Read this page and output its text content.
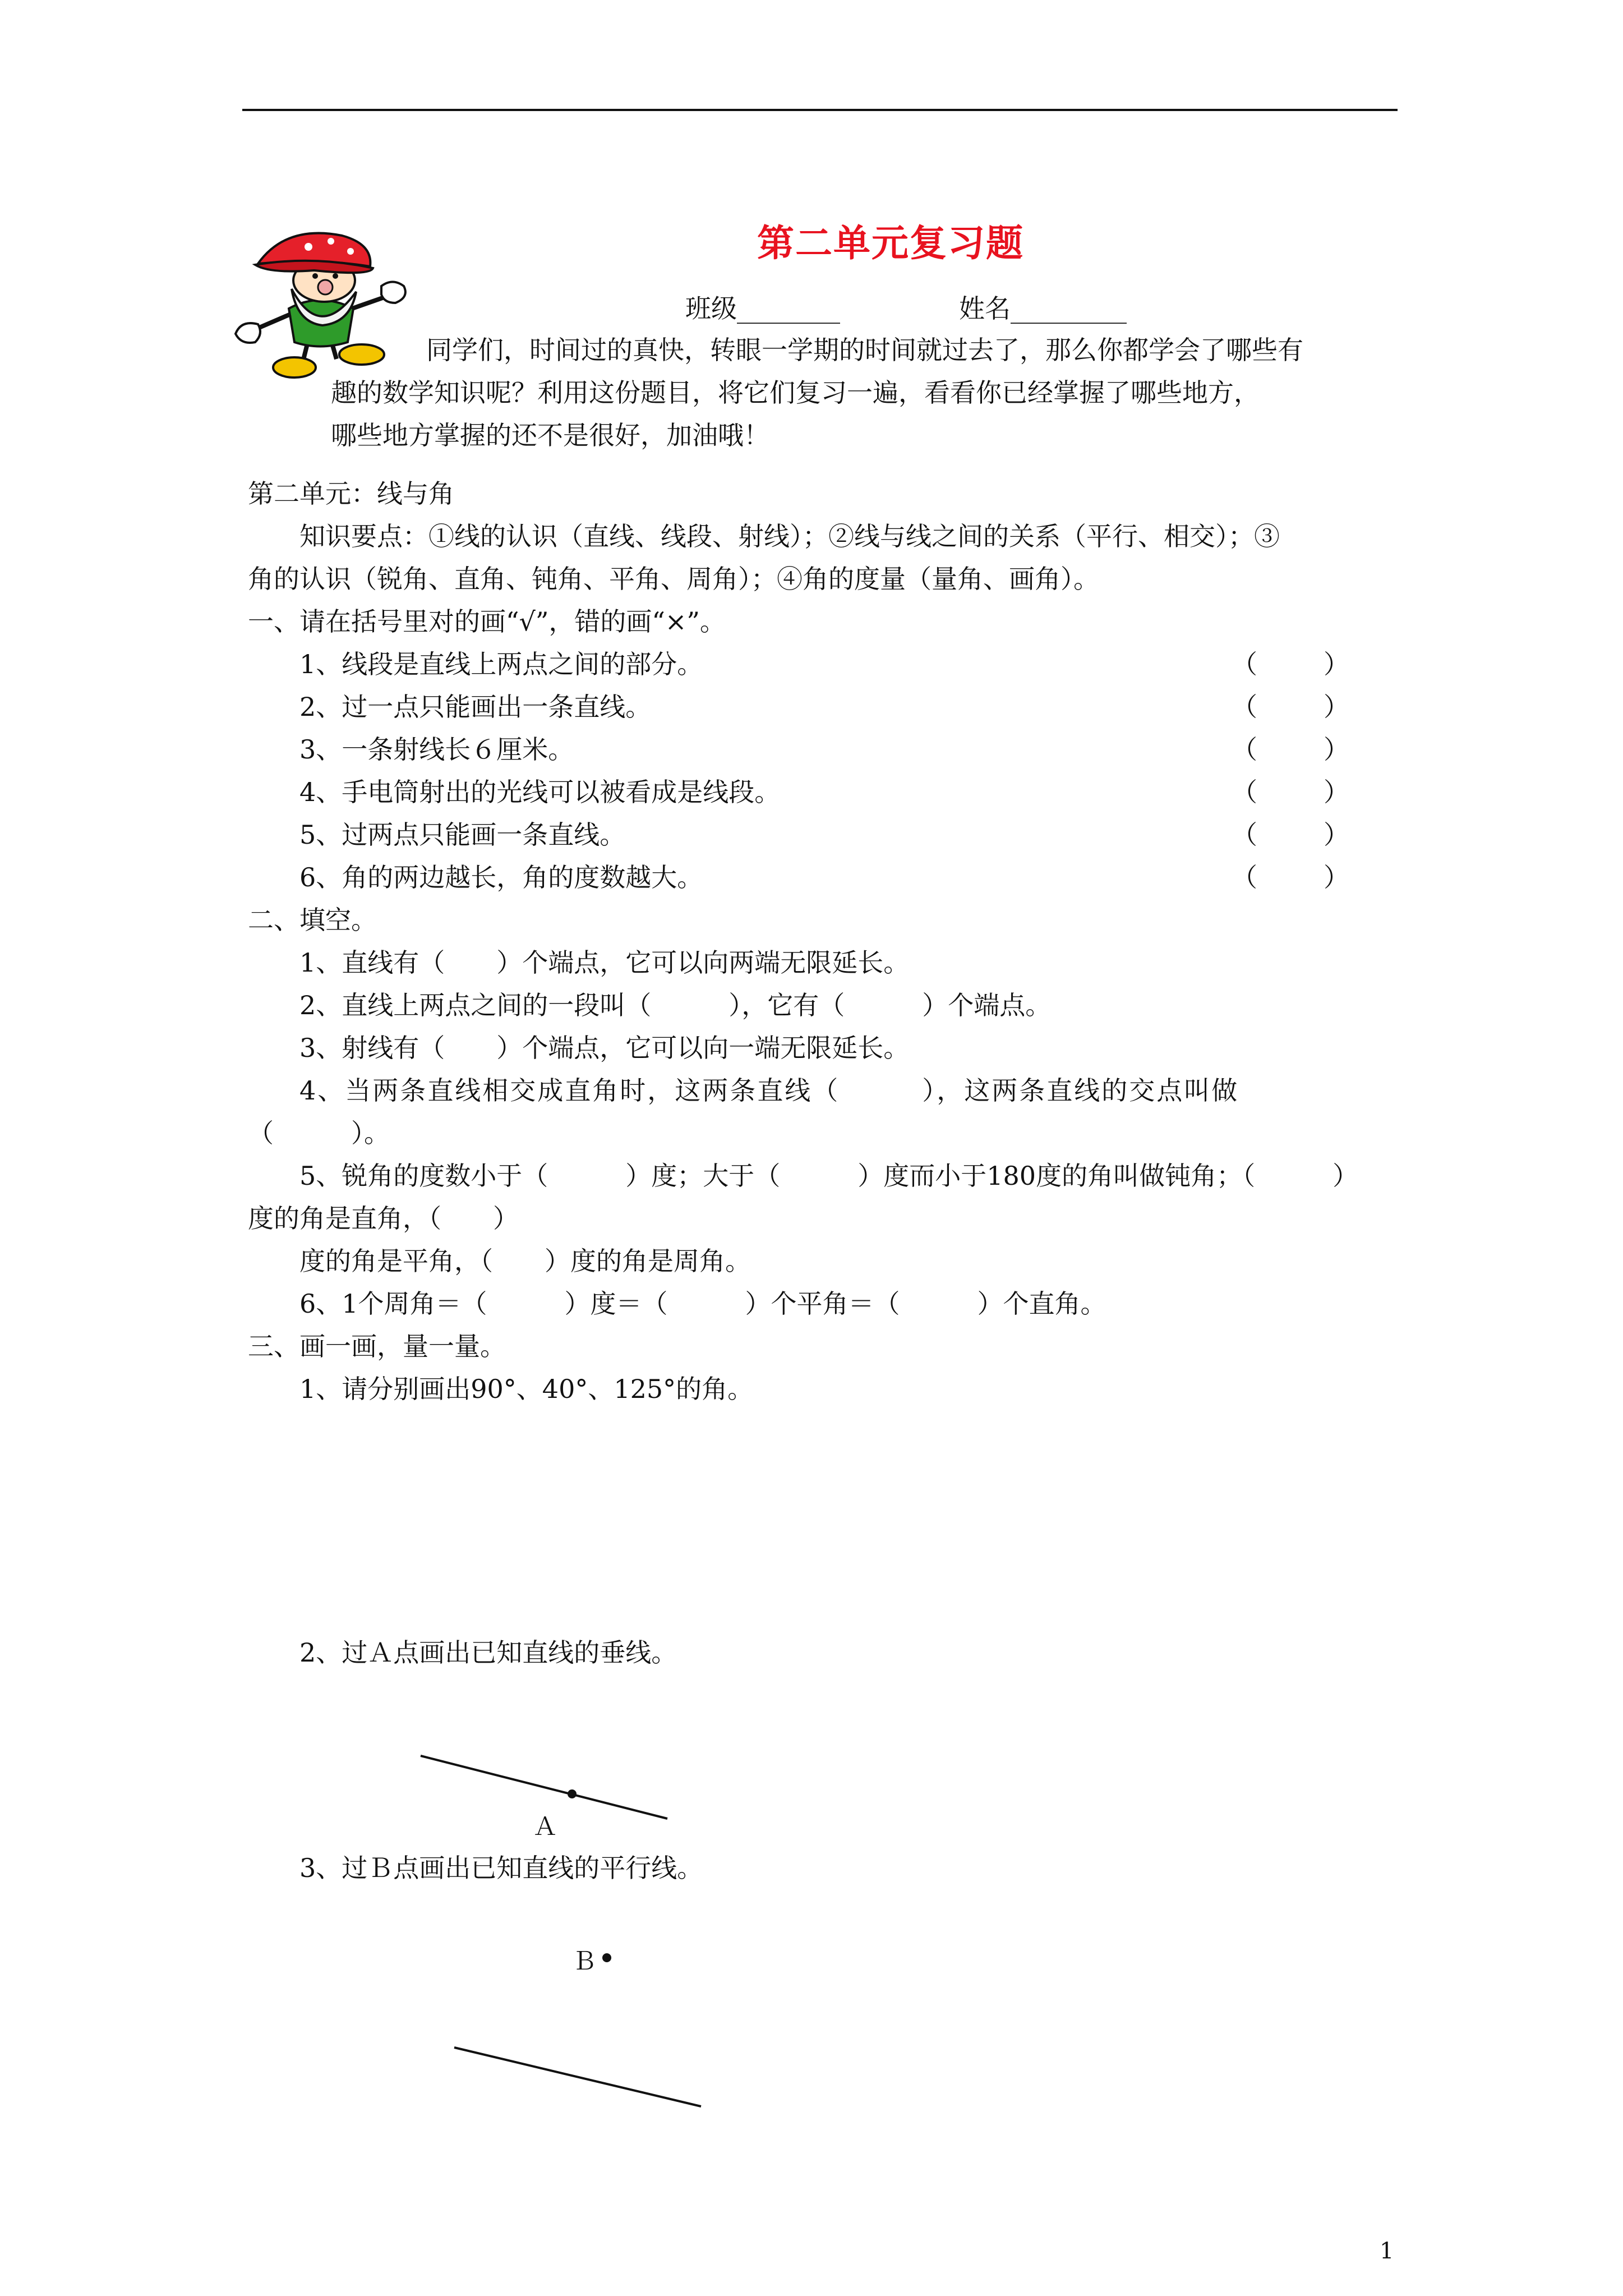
第二单元复习题
班级________	姓名_________
同学们，时间过的真快，转眼一学期的时间就过去了，那么你都学会了哪些有
趣的数学知识呢？利用这份题目，将它们复习一遍，看看你已经掌握了哪些地方，
哪些地方掌握的还不是很好，加油哦！
第二单元：线与角
知识要点：①线的认识（直线、线段、射线）；②线与线之间的关系（平行、相交）；③
角的认识（锐角、直角、钝角、平角、周角）；④角的度量（量角、画角）。
一、请在括号里对的画“√”，错的画“×”。
1、线段是直线上两点之间的部分。	（	）
2、过一点只能画出一条直线。	（	）
3、一条射线长６厘米。	（	）
4、手电筒射出的光线可以被看成是线段。	（	）
5、过两点只能画一条直线。	（	）
6、角的两边越长，角的度数越大。	（	）
二、填空。
1、直线有（　　）个端点，它可以向两端无限延长。
2、直线上两点之间的一段叫（　　　），它有（　　　）个端点。
3、射线有（　　）个端点，它可以向一端无限延长。
4、当两条直线相交成直角时，这两条直线（　　　），这两条直线的交点叫做
（　　　）。
5、锐角的度数小于（　　　）度；大于（　　　）度而小于180度的角叫做钝角；（　　　）
度的角是直角，（　　）
度的角是平角，（　　）度的角是周角。
6、1个周角＝（　　　）度＝（　　　）个平角＝（　　　）个直角。
三、画一画，量一量。
1、请分别画出90°、40°、125°的角。
2、过Ａ点画出已知直线的垂线。
Ａ
3、过Ｂ点画出已知直线的平行线。
Ｂ
1
